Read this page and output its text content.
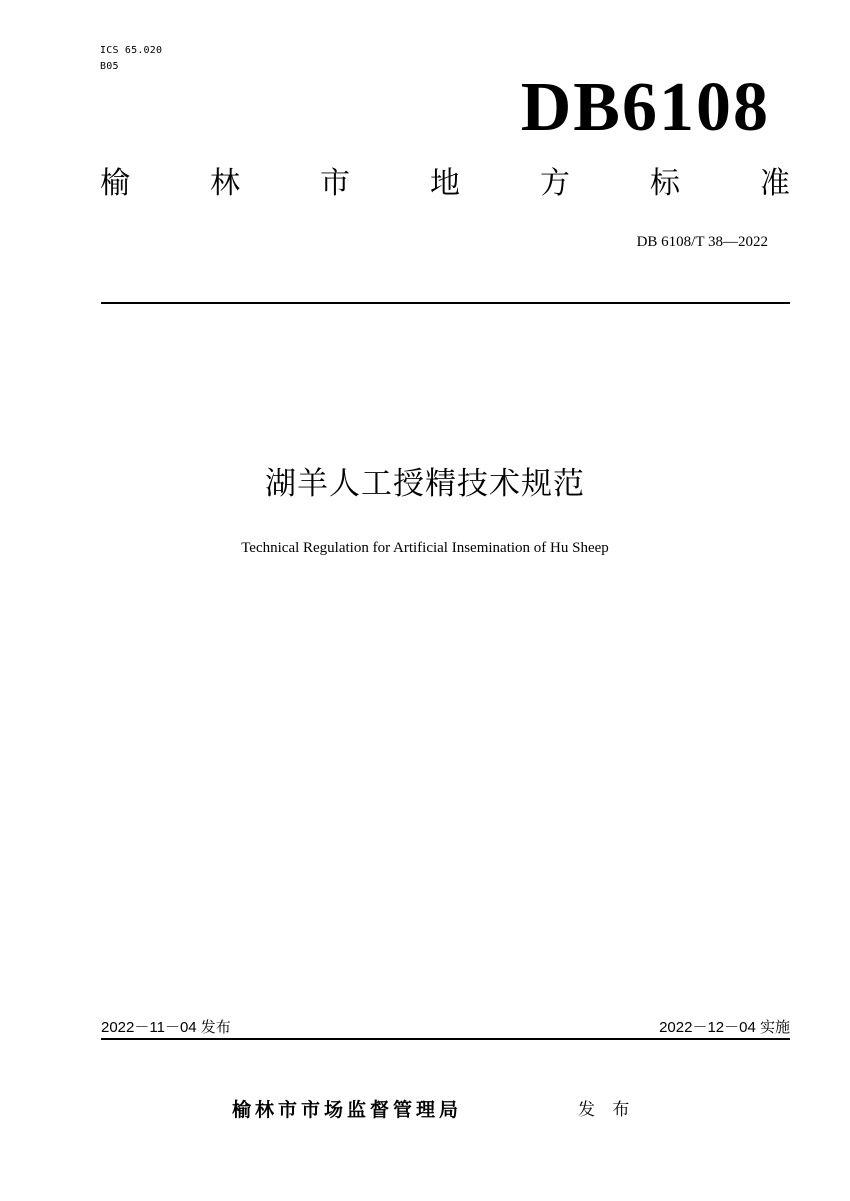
ICS 65.020
B05
DB6108
榆	林	市	地	方	标	准
DB 6108/T 38—2022
湖羊人工授精技术规范
Technical Regulation for Artificial Insemination of Hu Sheep
2022－11－04 发布	2022－12－04 实施
榆林市市场监督管理局	发 布
